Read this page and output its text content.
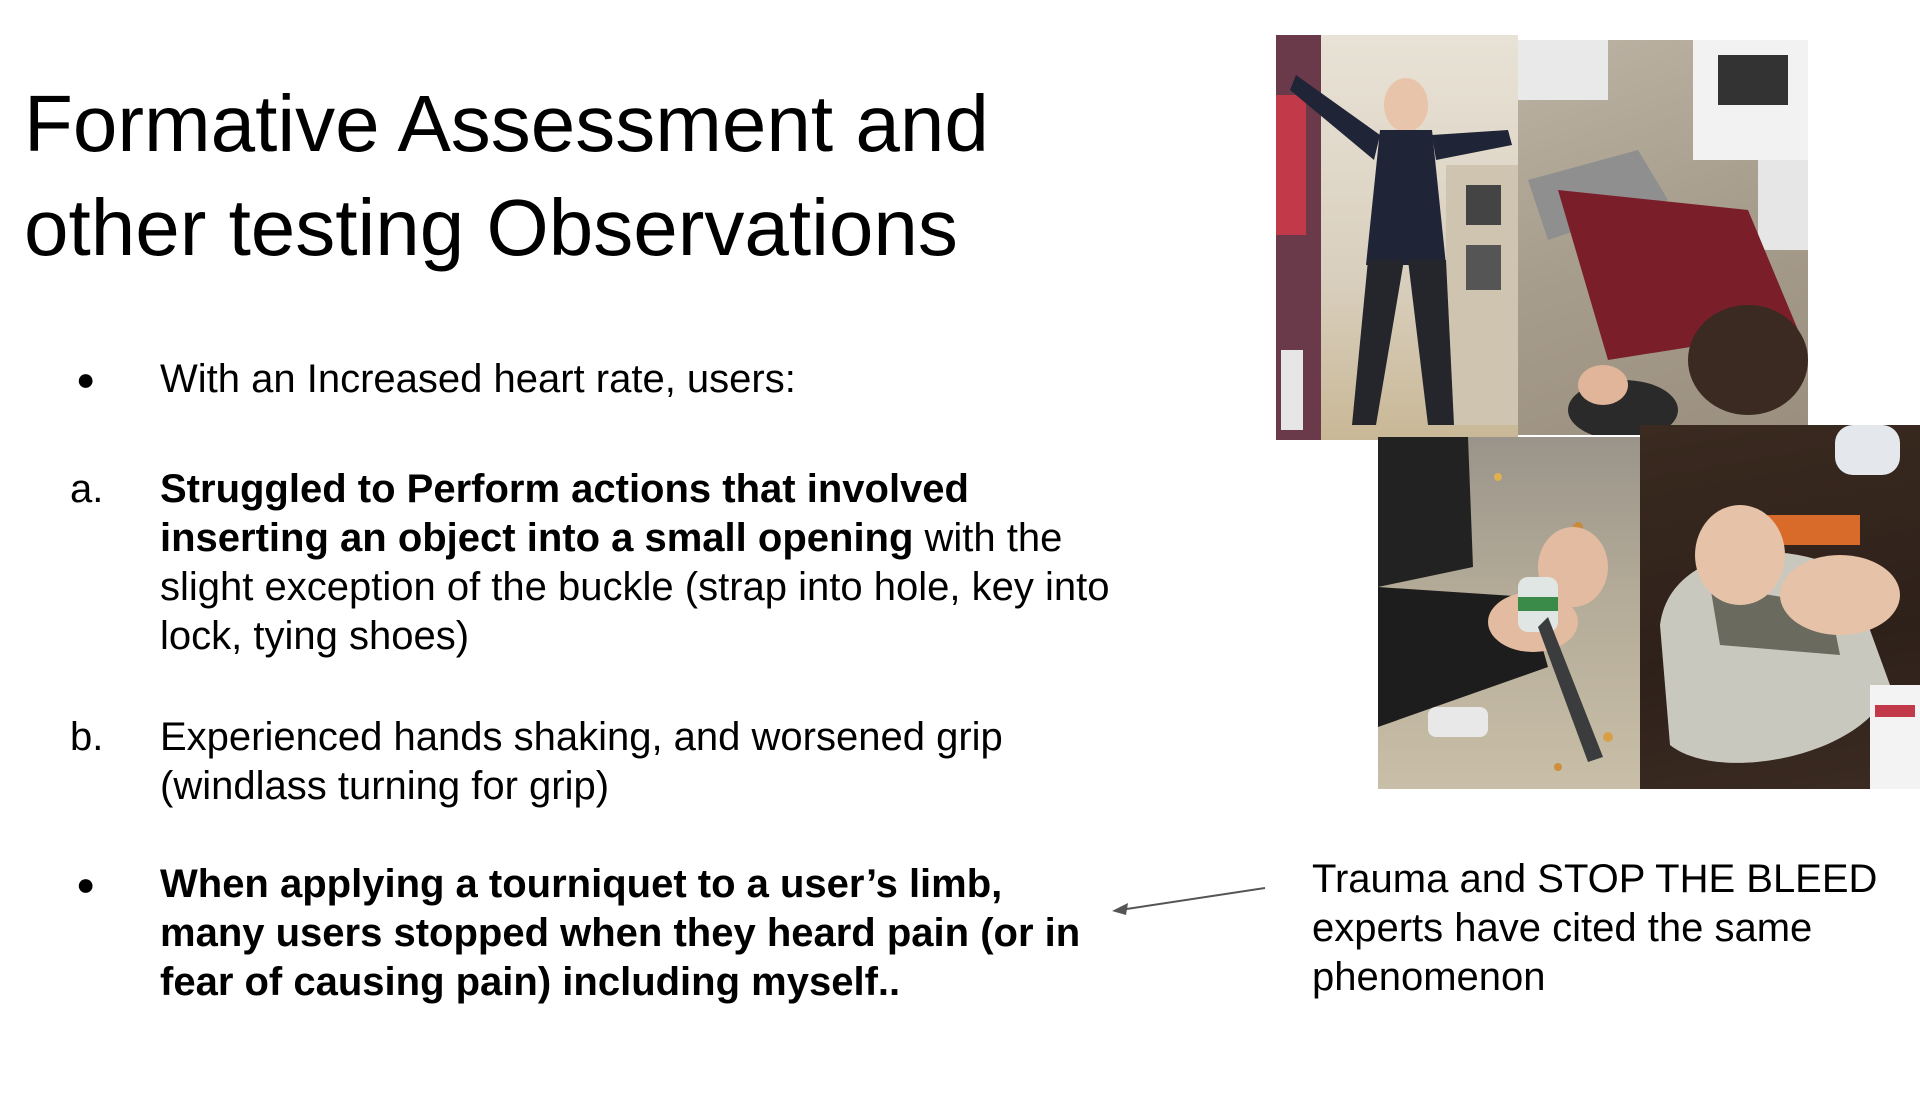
Formative Assessment and
other testing Observations
● With an Increased heart rate, users:
a.	Struggled to Perform actions that involved inserting an object into a small opening with the slight exception of the buckle (strap into hole, key into lock, tying shoes)
b.	Experienced hands shaking, and worsened grip (windlass turning for grip)
● When applying a tourniquet to a user’s limb, many users stopped when they heard pain (or in fear of causing pain) including myself..
Trauma and STOP THE BLEED experts have cited the same phenomenon
